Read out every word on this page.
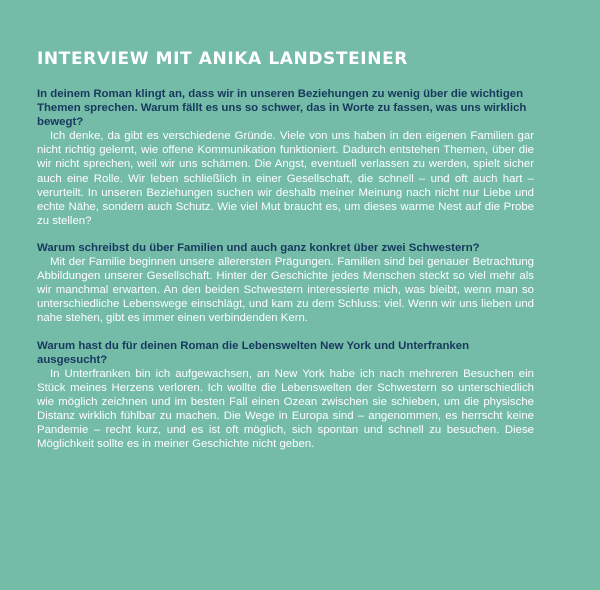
INTERVIEW MIT ANIKA LANDSTEINER

In deinem Roman klingt an, dass wir in unseren Beziehungen zu wenig über die wichtigen Themen sprechen. Warum fällt es uns so schwer, das in Worte zu fassen, was uns wirklich bewegt?

Ich denke, da gibt es verschiedene Gründe. Viele von uns haben in den eigenen Familien gar nicht richtig gelernt, wie offene Kommunikation funktioniert. Dadurch entstehen Themen, über die wir nicht sprechen, weil wir uns schämen. Die Angst, eventuell verlassen zu werden, spielt sicher auch eine Rolle. Wir leben schließlich in einer Gesellschaft, die schnell – und oft auch hart – verurteilt. In unseren Beziehungen suchen wir deshalb meiner Meinung nach nicht nur Liebe und echte Nähe, sondern auch Schutz. Wie viel Mut braucht es, um dieses warme Nest auf die Probe zu stellen?

Warum schreibst du über Familien und auch ganz konkret über zwei Schwestern?

Mit der Familie beginnen unsere allerersten Prägungen. Familien sind bei genauer Betrachtung Abbildungen unserer Gesellschaft. Hinter der Geschichte jedes Menschen steckt so viel mehr als wir manchmal erwarten. An den beiden Schwestern interessierte mich, was bleibt, wenn man so unterschiedliche Lebenswege einschlägt, und kam zu dem Schluss: viel. Wenn wir uns lieben und nahe stehen, gibt es immer einen verbindenden Kern.

Warum hast du für deinen Roman die Lebenswelten New York und Unterfranken ausgesucht?

In Unterfranken bin ich aufgewachsen, an New York habe ich nach mehreren Besuchen ein Stück meines Herzens verloren. Ich wollte die Lebenswelten der Schwestern so unterschiedlich wie möglich zeichnen und im besten Fall einen Ozean zwischen sie schieben, um die physische Distanz wirklich fühlbar zu machen. Die Wege in Europa sind – angenommen, es herrscht keine Pandemie – recht kurz, und es ist oft möglich, sich spontan und schnell zu besuchen. Diese Möglichkeit sollte es in meiner Geschichte nicht geben.
